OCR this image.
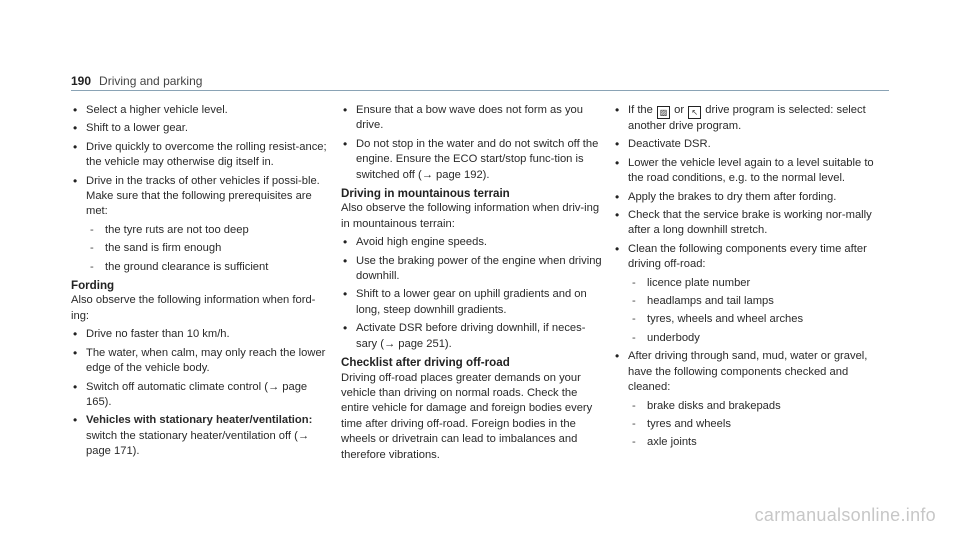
190 Driving and parking
• Select a higher vehicle level.
• Shift to a lower gear.
• Drive quickly to overcome the rolling resist-ance; the vehicle may otherwise dig itself in.
• Drive in the tracks of other vehicles if possi-ble. Make sure that the following prerequisites are met:
- the tyre ruts are not too deep
- the sand is firm enough
- the ground clearance is sufficient
Fording
Also observe the following information when ford-ing:
• Drive no faster than 10 km/h.
• The water, when calm, may only reach the lower edge of the vehicle body.
• Switch off automatic climate control (→ page 165).
• Vehicles with stationary heater/ventilation: switch the stationary heater/ventilation off (→ page 171).
• Ensure that a bow wave does not form as you drive.
• Do not stop in the water and do not switch off the engine. Ensure the ECO start/stop func-tion is switched off (→ page 192).
Driving in mountainous terrain
Also observe the following information when driv-ing in mountainous terrain:
• Avoid high engine speeds.
• Use the braking power of the engine when driving downhill.
• Shift to a lower gear on uphill gradients and on long, steep downhill gradients.
• Activate DSR before driving downhill, if neces-sary (→ page 251).
Checklist after driving off-road
Driving off-road places greater demands on your vehicle than driving on normal roads. Check the entire vehicle for damage and foreign bodies every time after driving off-road. Foreign bodies in the wheels or drivetrain can lead to imbalances and therefore vibrations.
• If the ▨ or ↖ drive program is selected: select another drive program.
• Deactivate DSR.
• Lower the vehicle level again to a level suitable to the road conditions, e.g. to the normal level.
• Apply the brakes to dry them after fording.
• Check that the service brake is working nor-mally after a long downhill stretch.
• Clean the following components every time after driving off-road:
- licence plate number
- headlamps and tail lamps
- tyres, wheels and wheel arches
- underbody
• After driving through sand, mud, water or gravel, have the following components checked and cleaned:
- brake disks and brakepads
- tyres and wheels
- axle joints
carmanualsonline.info
